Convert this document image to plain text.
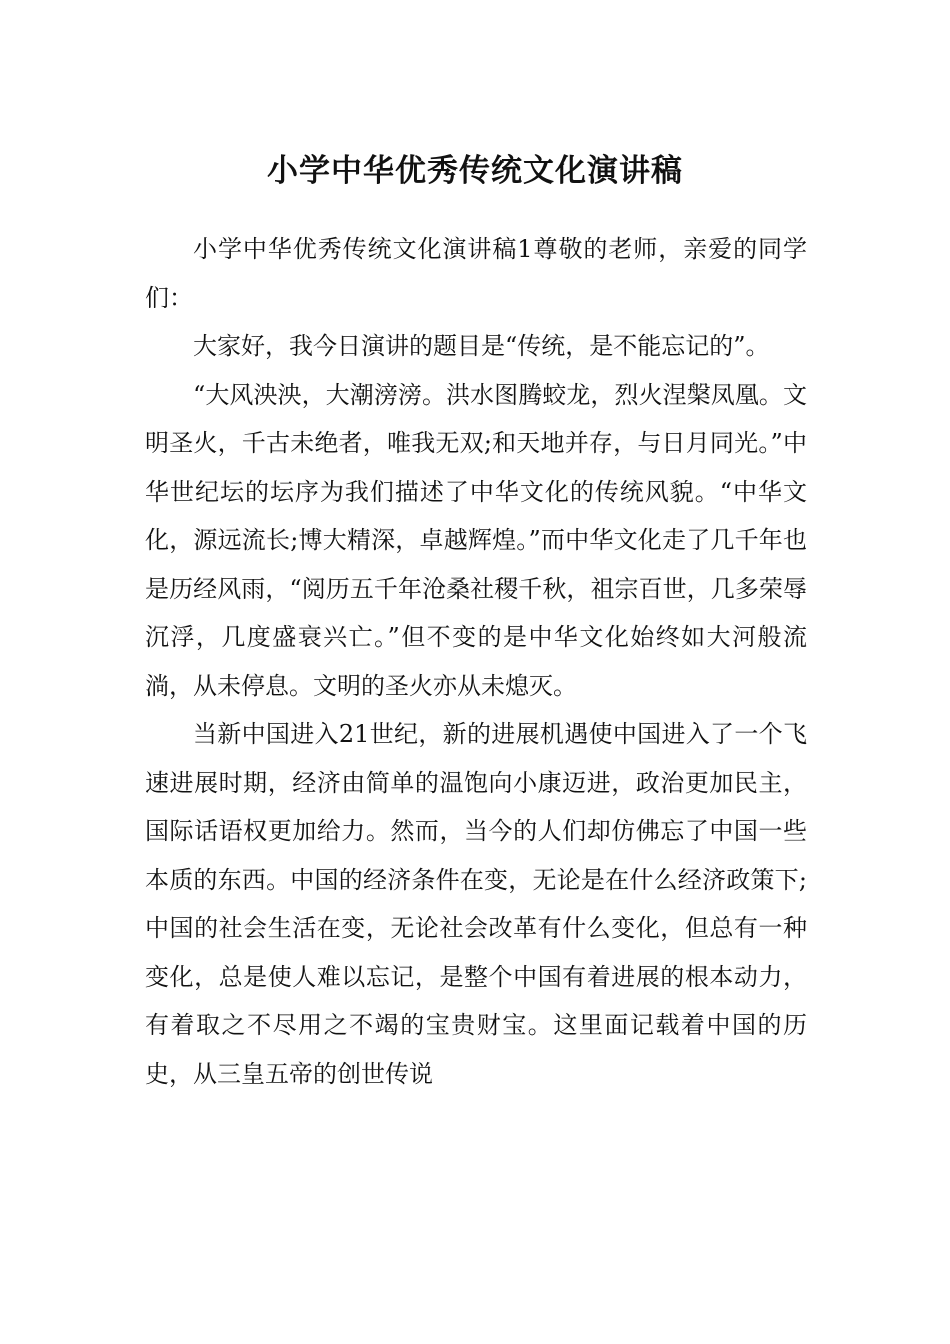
小学中华优秀传统文化演讲稿

小学中华优秀传统文化演讲稿1尊敬的老师，亲爱的同学们：

大家好，我今日演讲的题目是“传统，是不能忘记的”。

“大风泱泱，大潮滂滂。洪水图腾蛟龙，烈火涅槃凤凰。文明圣火，千古未绝者，唯我无双;和天地并存，与日月同光。”中华世纪坛的坛序为我们描述了中华文化的传统风貌。“中华文化，源远流长;博大精深，卓越辉煌。”而中华文化走了几千年也是历经风雨，“阅历五千年沧桑社稷千秋，祖宗百世，几多荣辱沉浮，几度盛衰兴亡。”但不变的是中华文化始终如大河般流淌，从未停息。文明的圣火亦从未熄灭。

当新中国进入21世纪，新的进展机遇使中国进入了一个飞速进展时期，经济由简单的温饱向小康迈进，政治更加民主，国际话语权更加给力。然而，当今的人们却仿佛忘了中国一些本质的东西。中国的经济条件在变，无论是在什么经济政策下;中国的社会生活在变，无论社会改革有什么变化，但总有一种变化，总是使人难以忘记，是整个中国有着进展的根本动力，有着取之不尽用之不竭的宝贵财宝。这里面记载着中国的历史，从三皇五帝的创世传说
